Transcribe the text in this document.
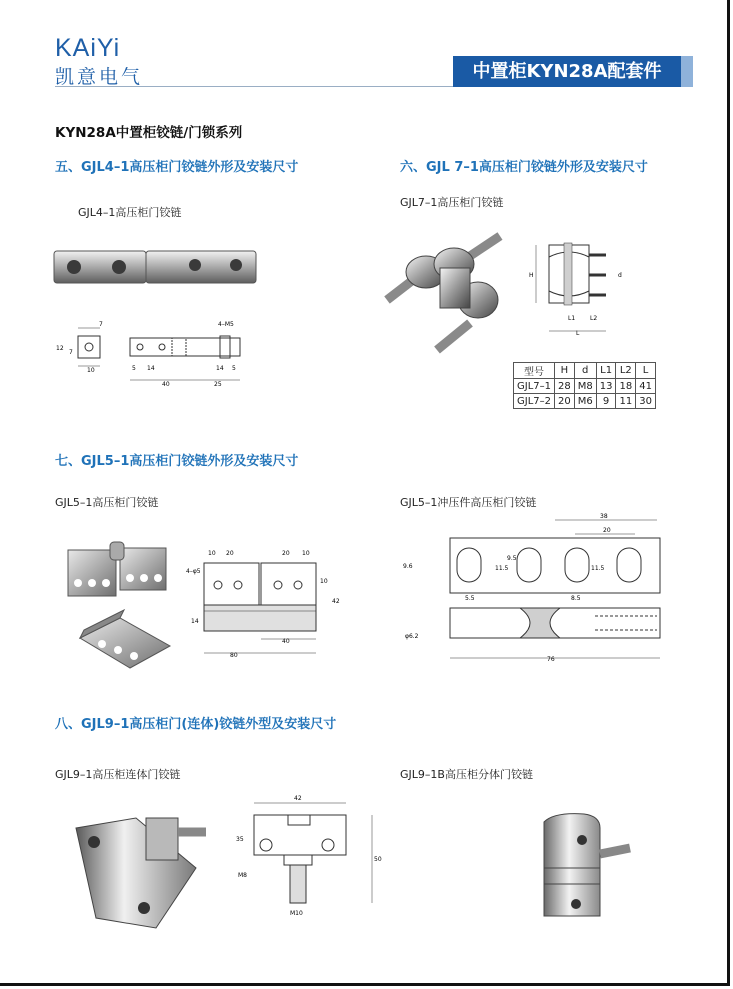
KAiYi
凯意电气	中置柜KYN28A配套件
KYN28A中置柜铰链/门锁系列
五、GJL4–1高压柜门铰链外形及安装尺寸
GJL4–1高压柜门铰链
7
12
7
10
4–M5
5 14
40	25
14 5
六、GJL 7–1高压柜门铰链外形及安装尺寸
GJL7–1高压柜门铰链
H	d
L1 L2
L
型号	H	d	L1	L2	L
GJL7–1	28	M8	13	18	41
GJL7–2	20	M6	9	11	30
七、GJL5–1高压柜门铰链外形及安装尺寸
GJL5–1高压柜门铰链	GJL5–1冲压件高压柜门铰链
10 20	20 10
4–φ5
10
42
14
40
80
38
20
9.6	11.5
9.5
11.5
5.5	8.5
φ6.2
76
八、GJL9–1高压柜门(连体)铰链外型及安装尺寸
GJL9–1高压柜连体门铰链	GJL9–1B高压柜分体门铰链
42
35
50
M8
M10
